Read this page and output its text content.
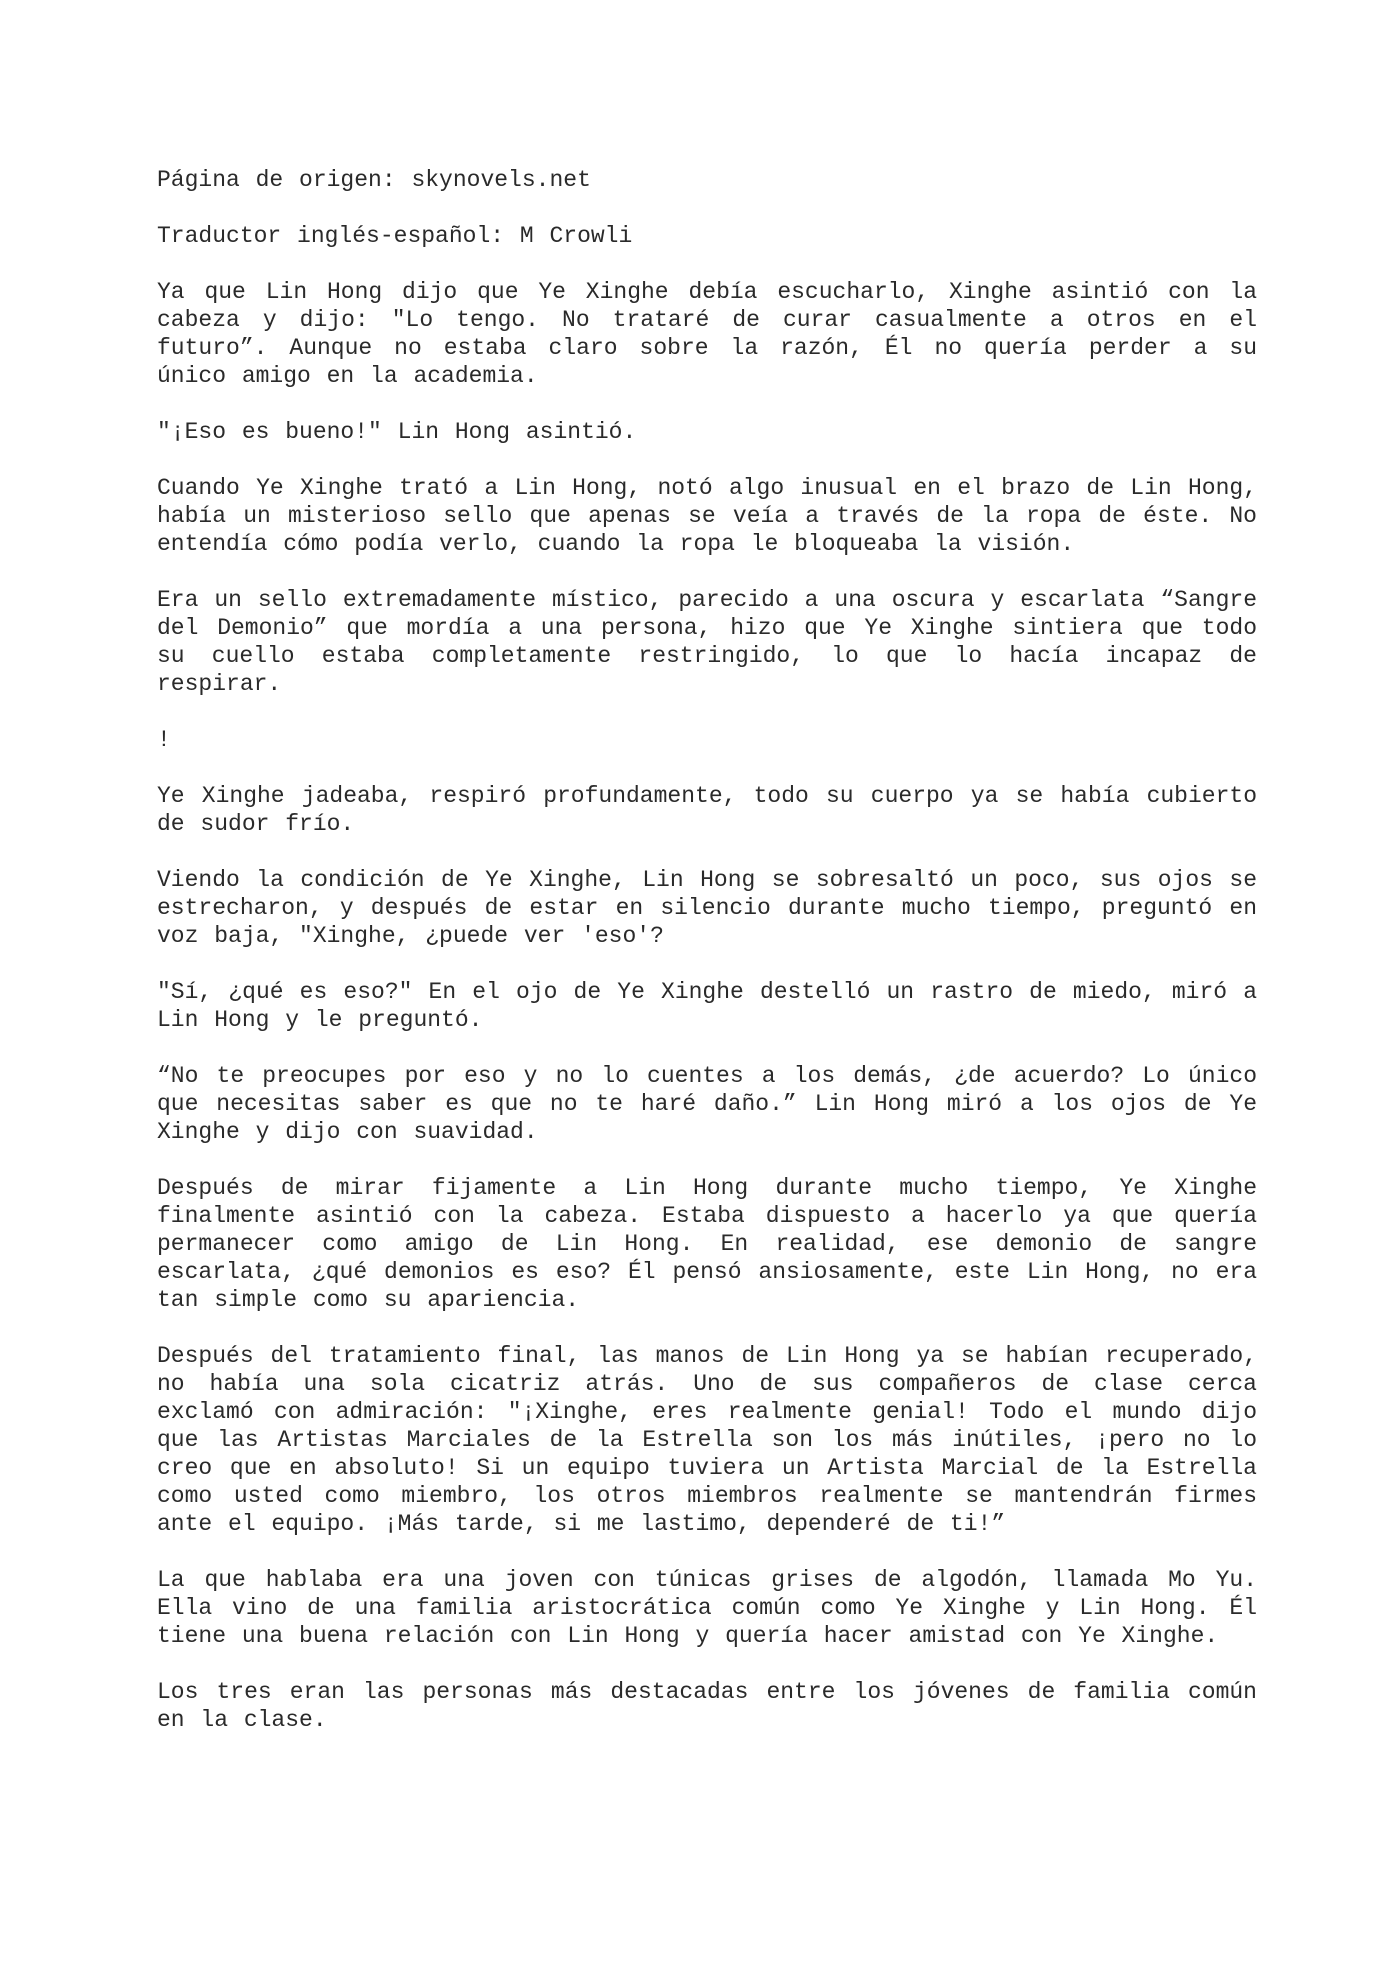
Página de origen: skynovels.net

Traductor inglés-español: M Crowli

Ya que Lin Hong dijo que Ye Xinghe debía escucharlo, Xinghe asintió con la cabeza y dijo: "Lo tengo. No trataré de curar casualmente a otros en el futuro”. Aunque no estaba claro sobre la razón, Él no quería perder a su único amigo en la academia.

"¡Eso es bueno!" Lin Hong asintió.

Cuando Ye Xinghe trató a Lin Hong, notó algo inusual en el brazo de Lin Hong, había un misterioso sello que apenas se veía a través de la ropa de éste. No entendía cómo podía verlo, cuando la ropa le bloqueaba la visión.

Era un sello extremadamente místico, parecido a una oscura y escarlata “Sangre del Demonio” que mordía a una persona, hizo que Ye Xinghe sintiera que todo su cuello estaba completamente restringido, lo que lo hacía incapaz de respirar.

!

Ye Xinghe jadeaba, respiró profundamente, todo su cuerpo ya se había cubierto de sudor frío.

Viendo la condición de Ye Xinghe, Lin Hong se sobresaltó un poco, sus ojos se estrecharon, y después de estar en silencio durante mucho tiempo, preguntó en voz baja, "Xinghe, ¿puede ver 'eso'?

"Sí, ¿qué es eso?" En el ojo de Ye Xinghe destelló un rastro de miedo, miró a Lin Hong y le preguntó.

“No te preocupes por eso y no lo cuentes a los demás, ¿de acuerdo? Lo único que necesitas saber es que no te haré daño.” Lin Hong miró a los ojos de Ye Xinghe y dijo con suavidad.

Después de mirar fijamente a Lin Hong durante mucho tiempo, Ye Xinghe finalmente asintió con la cabeza. Estaba dispuesto a hacerlo ya que quería permanecer como amigo de Lin Hong. En realidad, ese demonio de sangre escarlata, ¿qué demonios es eso? Él pensó ansiosamente, este Lin Hong, no era tan simple como su apariencia.

Después del tratamiento final, las manos de Lin Hong ya se habían recuperado, no había una sola cicatriz atrás. Uno de sus compañeros de clase cerca exclamó con admiración: "¡Xinghe, eres realmente genial! Todo el mundo dijo que las Artistas Marciales de la Estrella son los más inútiles, ¡pero no lo creo que en absoluto! Si un equipo tuviera un Artista Marcial de la Estrella como usted como miembro, los otros miembros realmente se mantendrán firmes ante el equipo. ¡Más tarde, si me lastimo, dependeré de ti!”

La que hablaba era una joven con túnicas grises de algodón, llamada Mo Yu. Ella vino de una familia aristocrática común como Ye Xinghe y Lin Hong. Él tiene una buena relación con Lin Hong y quería hacer amistad con Ye Xinghe.

Los tres eran las personas más destacadas entre los jóvenes de familia común en la clase.
